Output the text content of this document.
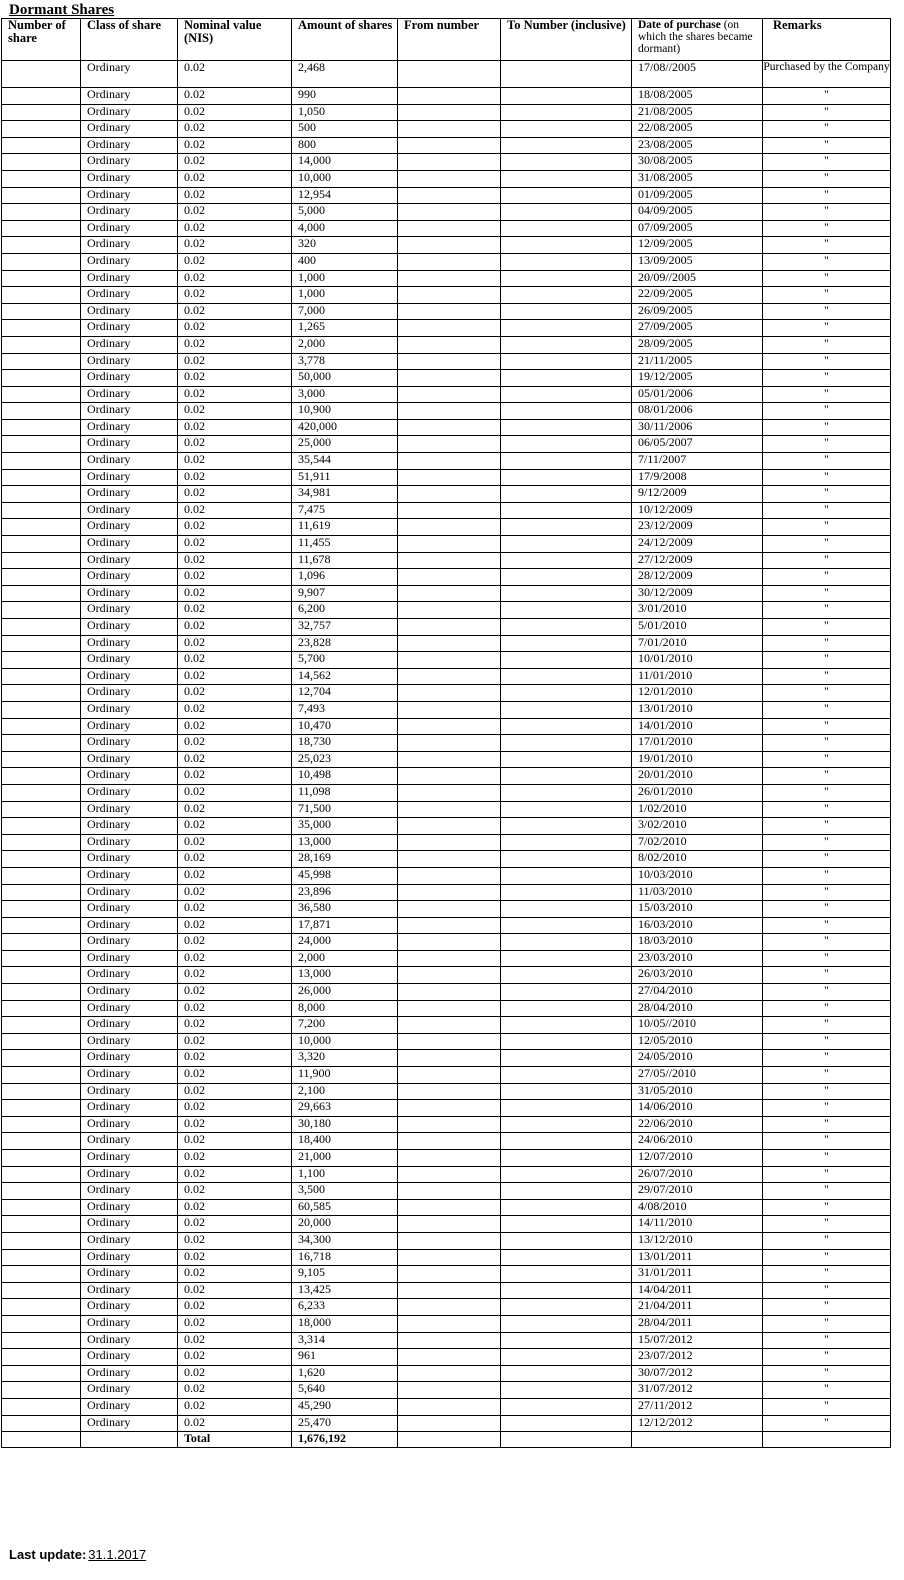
Dormant Shares
Number of share	Class of share	Nominal value (NIS)	Amount of shares	From number	To Number (inclusive)	Date of purchase (on which the shares became dormant)	Remarks
	Ordinary	0.02	2,468			17/08//2005	Purchased by the Company
	Ordinary	0.02	990			18/08/2005	"
	Ordinary	0.02	1,050			21/08/2005	"
	Ordinary	0.02	500			22/08/2005	"
	Ordinary	0.02	800			23/08/2005	"
	Ordinary	0.02	14,000			30/08/2005	"
	Ordinary	0.02	10,000			31/08/2005	"
	Ordinary	0.02	12,954			01/09/2005	"
	Ordinary	0.02	5,000			04/09/2005	"
	Ordinary	0.02	4,000			07/09/2005	"
	Ordinary	0.02	320			12/09/2005	"
	Ordinary	0.02	400			13/09/2005	"
	Ordinary	0.02	1,000			20/09//2005	"
	Ordinary	0.02	1,000			22/09/2005	"
	Ordinary	0.02	7,000			26/09/2005	"
	Ordinary	0.02	1,265			27/09/2005	"
	Ordinary	0.02	2,000			28/09/2005	"
	Ordinary	0.02	3,778			21/11/2005	"
	Ordinary	0.02	50,000			19/12/2005	"
	Ordinary	0.02	3,000			05/01/2006	"
	Ordinary	0.02	10,900			08/01/2006	"
	Ordinary	0.02	420,000			30/11/2006	"
	Ordinary	0.02	25,000			06/05/2007	"
	Ordinary	0.02	35,544			7/11/2007	"
	Ordinary	0.02	51,911			17/9/2008	"
	Ordinary	0.02	34,981			9/12/2009	"
	Ordinary	0.02	7,475			10/12/2009	"
	Ordinary	0.02	11,619			23/12/2009	"
	Ordinary	0.02	11,455			24/12/2009	"
	Ordinary	0.02	11,678			27/12/2009	"
	Ordinary	0.02	1,096			28/12/2009	"
	Ordinary	0.02	9,907			30/12/2009	"
	Ordinary	0.02	6,200			3/01/2010	"
	Ordinary	0.02	32,757			5/01/2010	"
	Ordinary	0.02	23,828			7/01/2010	"
	Ordinary	0.02	5,700			10/01/2010	"
	Ordinary	0.02	14,562			11/01/2010	"
	Ordinary	0.02	12,704			12/01/2010	"
	Ordinary	0.02	7,493			13/01/2010	"
	Ordinary	0.02	10,470			14/01/2010	"
	Ordinary	0.02	18,730			17/01/2010	"
	Ordinary	0.02	25,023			19/01/2010	"
	Ordinary	0.02	10,498			20/01/2010	"
	Ordinary	0.02	11,098			26/01/2010	"
	Ordinary	0.02	71,500			1/02/2010	"
	Ordinary	0.02	35,000			3/02/2010	"
	Ordinary	0.02	13,000			7/02/2010	"
	Ordinary	0.02	28,169			8/02/2010	"
	Ordinary	0.02	45,998			10/03/2010	"
	Ordinary	0.02	23,896			11/03/2010	"
	Ordinary	0.02	36,580			15/03/2010	"
	Ordinary	0.02	17,871			16/03/2010	"
	Ordinary	0.02	24,000			18/03/2010	"
	Ordinary	0.02	2,000			23/03/2010	"
	Ordinary	0.02	13,000			26/03/2010	"
	Ordinary	0.02	26,000			27/04/2010	"
	Ordinary	0.02	8,000			28/04/2010	"
	Ordinary	0.02	7,200			10/05//2010	"
	Ordinary	0.02	10,000			12/05/2010	"
	Ordinary	0.02	3,320			24/05/2010	"
	Ordinary	0.02	11,900			27/05//2010	"
	Ordinary	0.02	2,100			31/05/2010	"
	Ordinary	0.02	29,663			14/06/2010	"
	Ordinary	0.02	30,180			22/06/2010	"
	Ordinary	0.02	18,400			24/06/2010	"
	Ordinary	0.02	21,000			12/07/2010	"
	Ordinary	0.02	1,100			26/07/2010	"
	Ordinary	0.02	3,500			29/07/2010	"
	Ordinary	0.02	60,585			4/08/2010	"
	Ordinary	0.02	20,000			14/11/2010	"
	Ordinary	0.02	34,300			13/12/2010	"
	Ordinary	0.02	16,718			13/01/2011	"
	Ordinary	0.02	9,105			31/01/2011	"
	Ordinary	0.02	13,425			14/04/2011	"
	Ordinary	0.02	6,233			21/04/2011	"
	Ordinary	0.02	18,000			28/04/2011	"
	Ordinary	0.02	3,314			15/07/2012	"
	Ordinary	0.02	961			23/07/2012	"
	Ordinary	0.02	1,620			30/07/2012	"
	Ordinary	0.02	5,640			31/07/2012	"
	Ordinary	0.02	45,290			27/11/2012	"
	Ordinary	0.02	25,470			12/12/2012	"
		Total	1,676,192				
Last update: 31.1.2017
